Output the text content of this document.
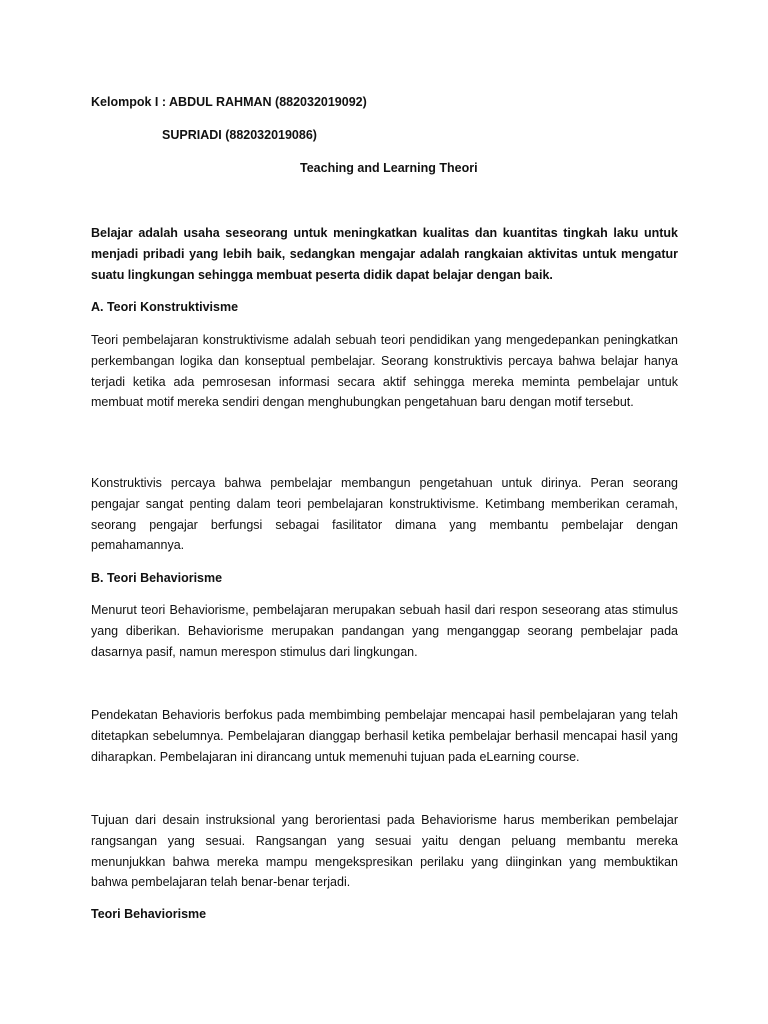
Kelompok I : ABDUL RAHMAN (882032019092)
SUPRIADI (882032019086)
Teaching and Learning Theori
Belajar adalah usaha seseorang untuk meningkatkan kualitas dan kuantitas tingkah laku untuk menjadi pribadi yang lebih baik, sedangkan mengajar adalah rangkaian aktivitas untuk mengatur suatu lingkungan sehingga membuat peserta didik dapat belajar dengan baik.
A. Teori Konstruktivisme
Teori pembelajaran konstruktivisme adalah sebuah teori pendidikan yang mengedepankan peningkatkan perkembangan logika dan konseptual pembelajar. Seorang konstruktivis percaya bahwa belajar hanya terjadi ketika ada pemrosesan informasi secara aktif sehingga mereka meminta pembelajar untuk membuat motif mereka sendiri dengan menghubungkan pengetahuan baru dengan motif tersebut.
Konstruktivis percaya bahwa pembelajar membangun pengetahuan untuk dirinya. Peran seorang pengajar sangat penting dalam teori pembelajaran konstruktivisme. Ketimbang memberikan ceramah, seorang pengajar berfungsi sebagai fasilitator dimana yang membantu pembelajar dengan pemahamannya.
B. Teori Behaviorisme
Menurut teori Behaviorisme, pembelajaran merupakan sebuah hasil dari respon seseorang atas stimulus yang diberikan. Behaviorisme merupakan pandangan yang menganggap seorang pembelajar pada dasarnya pasif, namun merespon stimulus dari lingkungan.
Pendekatan Behavioris berfokus pada membimbing pembelajar mencapai hasil pembelajaran yang telah ditetapkan sebelumnya. Pembelajaran dianggap berhasil ketika pembelajar berhasil mencapai hasil yang diharapkan. Pembelajaran ini dirancang untuk memenuhi tujuan pada eLearning course.
Tujuan dari desain instruksional yang berorientasi pada Behaviorisme harus memberikan pembelajar rangsangan yang sesuai. Rangsangan yang sesuai yaitu dengan peluang membantu mereka menunjukkan bahwa mereka mampu mengekspresikan perilaku yang diinginkan yang membuktikan bahwa pembelajaran telah benar-benar terjadi.
Teori Behaviorisme
